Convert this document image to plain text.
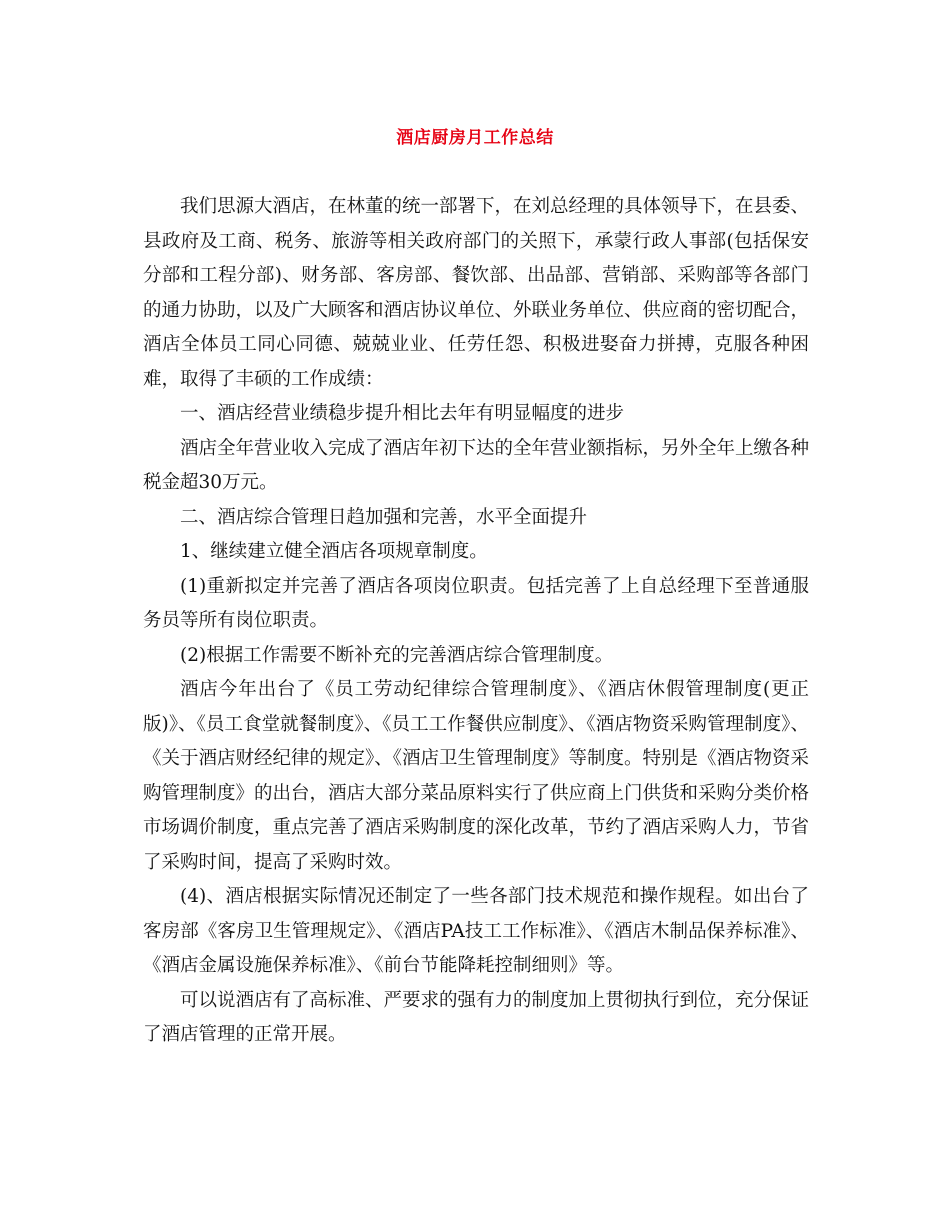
酒店厨房月工作总结

我们思源大酒店，在林董的统一部署下，在刘总经理的具体领导下，在县委、县政府及工商、税务、旅游等相关政府部门的关照下，承蒙行政人事部(包括保安分部和工程分部)、财务部、客房部、餐饮部、出品部、营销部、采购部等各部门的通力协助，以及广大顾客和酒店协议单位、外联业务单位、供应商的密切配合，酒店全体员工同心同德、兢兢业业、任劳任怨、积极进娶奋力拼搏，克服各种困难，取得了丰硕的工作成绩：

一、酒店经营业绩稳步提升相比去年有明显幅度的进步

酒店全年营业收入完成了酒店年初下达的全年营业额指标，另外全年上缴各种税金超30万元。

二、酒店综合管理日趋加强和完善，水平全面提升

1、继续建立健全酒店各项规章制度。

(1)重新拟定并完善了酒店各项岗位职责。包括完善了上自总经理下至普通服务员等所有岗位职责。

(2)根据工作需要不断补充的完善酒店综合管理制度。

酒店今年出台了《员工劳动纪律综合管理制度》、《酒店休假管理制度(更正版)》、《员工食堂就餐制度》、《员工工作餐供应制度》、《酒店物资采购管理制度》、《关于酒店财经纪律的规定》、《酒店卫生管理制度》等制度。特别是《酒店物资采购管理制度》的出台，酒店大部分菜品原料实行了供应商上门供货和采购分类价格市场调价制度，重点完善了酒店采购制度的深化改革，节约了酒店采购人力，节省了采购时间，提高了采购时效。

(4)、酒店根据实际情况还制定了一些各部门技术规范和操作规程。如出台了客房部《客房卫生管理规定》、《酒店PA技工工作标准》、《酒店木制品保养标准》、《酒店金属设施保养标准》、《前台节能降耗控制细则》等。

可以说酒店有了高标准、严要求的强有力的制度加上贯彻执行到位，充分保证了酒店管理的正常开展。
